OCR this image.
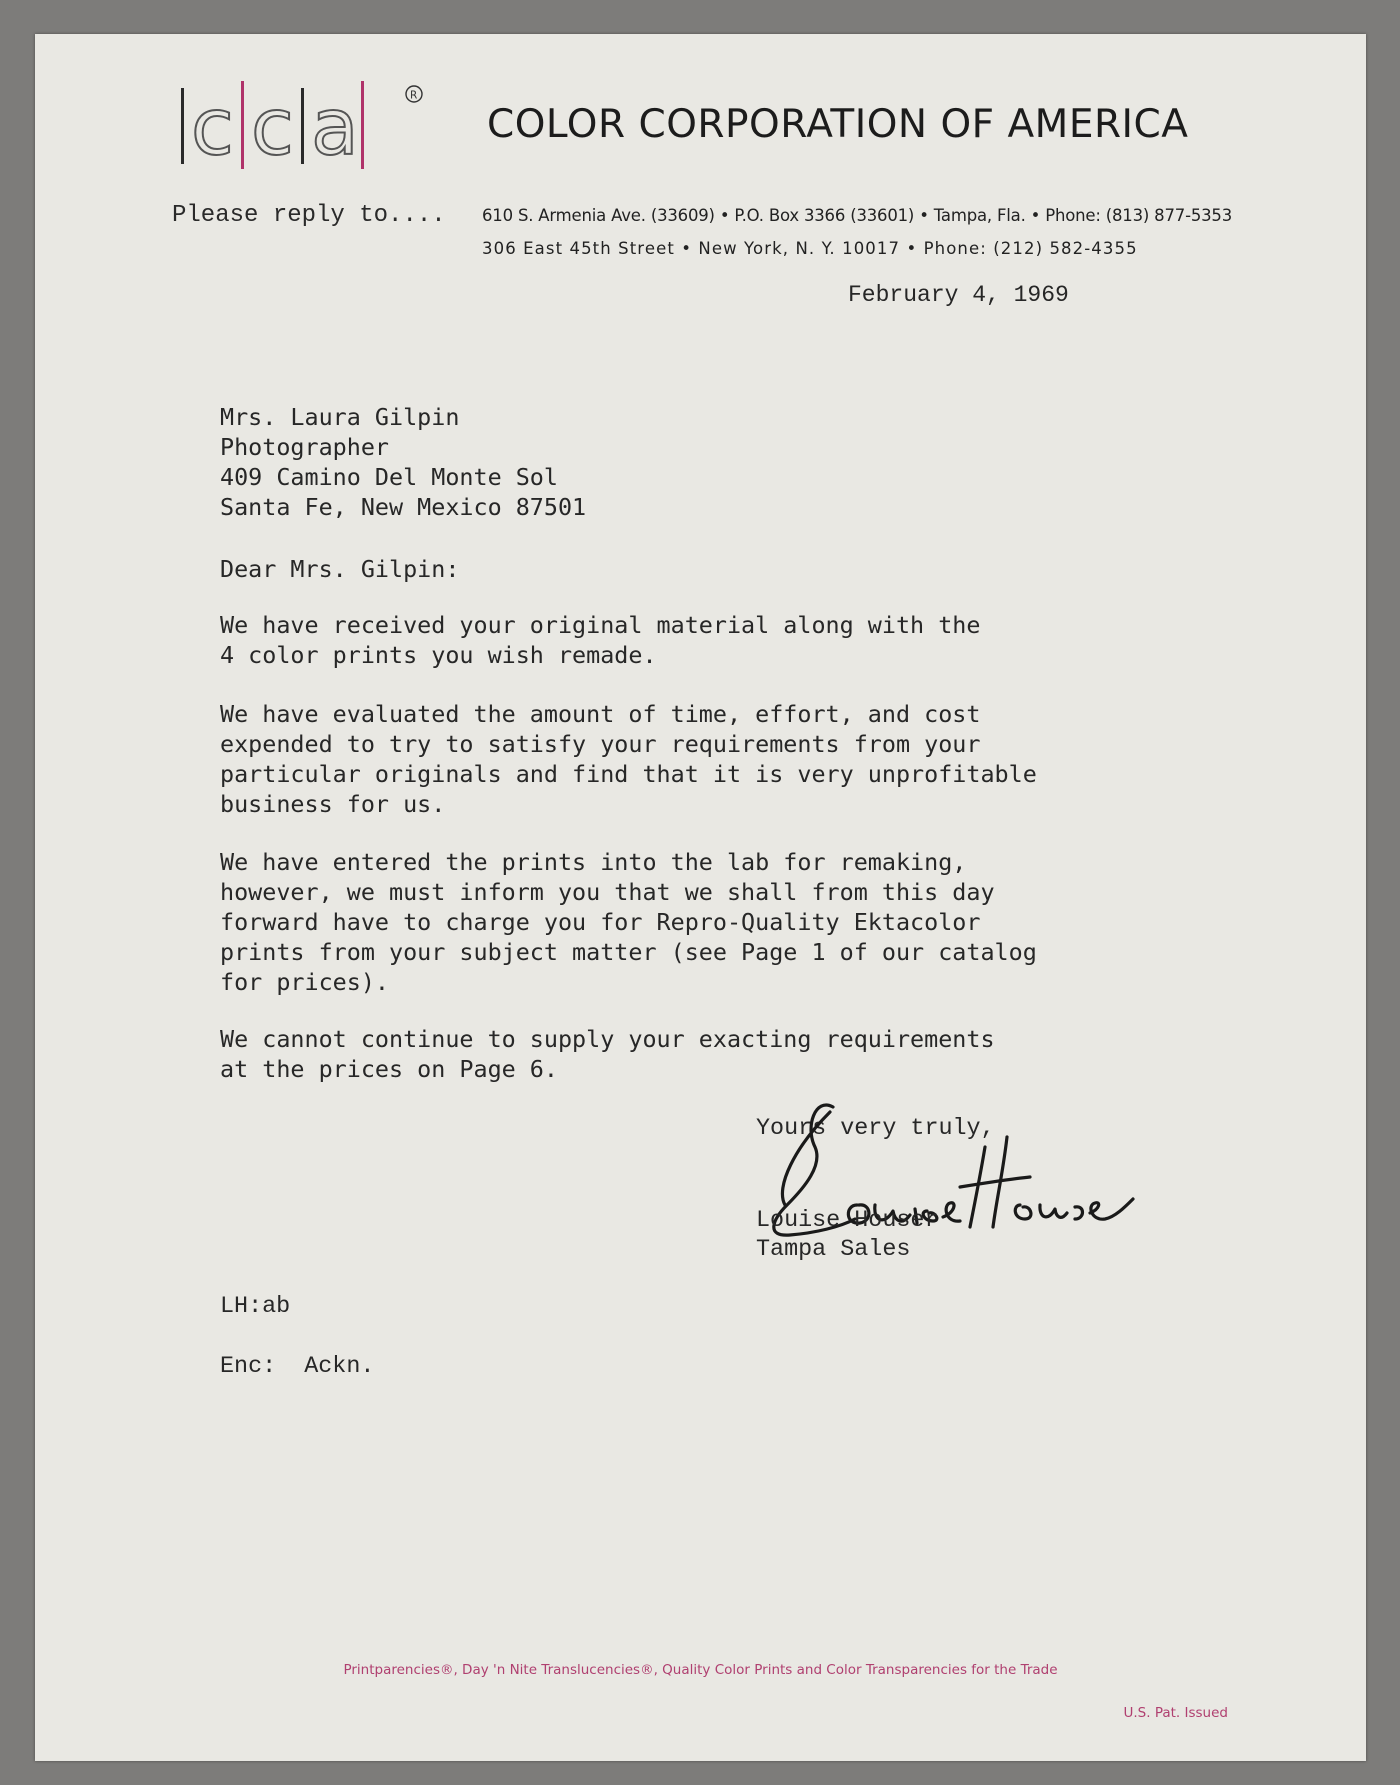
c c a	R
COLOR CORPORATION OF AMERICA
Please reply to.... 610 S. Armenia Ave. (33609) • P.O. Box 3366 (33601) • Tampa, Fla. • Phone: (813) 877-5353
306 East 45th Street • New York, N. Y. 10017 • Phone: (212) 582-4355
February 4, 1969
Mrs. Laura Gilpin
Photographer
409 Camino Del Monte Sol
Santa Fe, New Mexico 87501
Dear Mrs. Gilpin:
We have received your original material along with the
4 color prints you wish remade.
We have evaluated the amount of time, effort, and cost
expended to try to satisfy your requirements from your
particular originals and find that it is very unprofitable
business for us.
We have entered the prints into the lab for remaking,
however, we must inform you that we shall from this day
forward have to charge you for Repro-Quality Ektacolor
prints from your subject matter (see Page 1 of our catalog
for prices).
We cannot continue to supply your exacting requirements
at the prices on Page 6.
Yours very truly,
Louise Houser
Tampa Sales
LH:ab
Enc:  Ackn.
Printparencies®, Day 'n Nite Translucencies®, Quality Color Prints and Color Transparencies for the Trade
U.S. Pat. Issued
